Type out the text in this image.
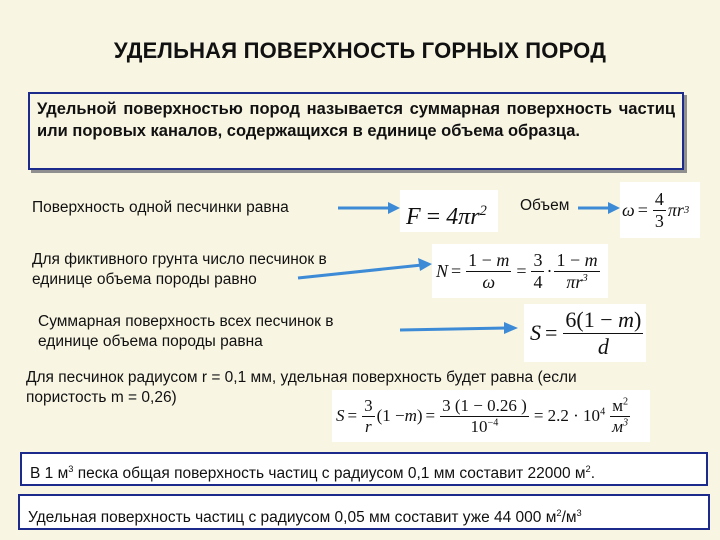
УДЕЛЬНАЯ ПОВЕРХНОСТЬ ГОРНЫХ ПОРОД
Удельной поверхностью пород называется суммарная поверхность частиц или поровых каналов, содержащихся в единице объема образца.
Поверхность одной песчинки равна	$F = 4\pi r^2$	Объем	$\omega = \frac{4}{3}$ πr 3
Для фиктивного грунта число песчинок в
единице объема породы равно	$N = \frac{1 - m}{\omega} = \frac{3}{4} \cdot \frac{1 - m}{\pi r^3}$
Суммарная поверхность всех песчинок в
единице объема породы равна	$S = \frac{6(1 - m)}{d}$
Для песчинок радиусом r = 0,1 мм, удельная поверхность будет равна (если
пористость m = 0,26)
$S = \frac{3}{r} (1 - m$ ) = $\frac{3 (1 - 0.26 )}{10^{-4}} = 2.2 \cdot 10^4 \frac{м^2}{м^3}$
В 1 $м^3$ песка общая поверхность частиц с радиусом 0,1 мм составит 22000 $м^2$.
Удельная поверхность частиц с радиусом 0,05 мм составит уже 44 000 $м^2/м^3$
